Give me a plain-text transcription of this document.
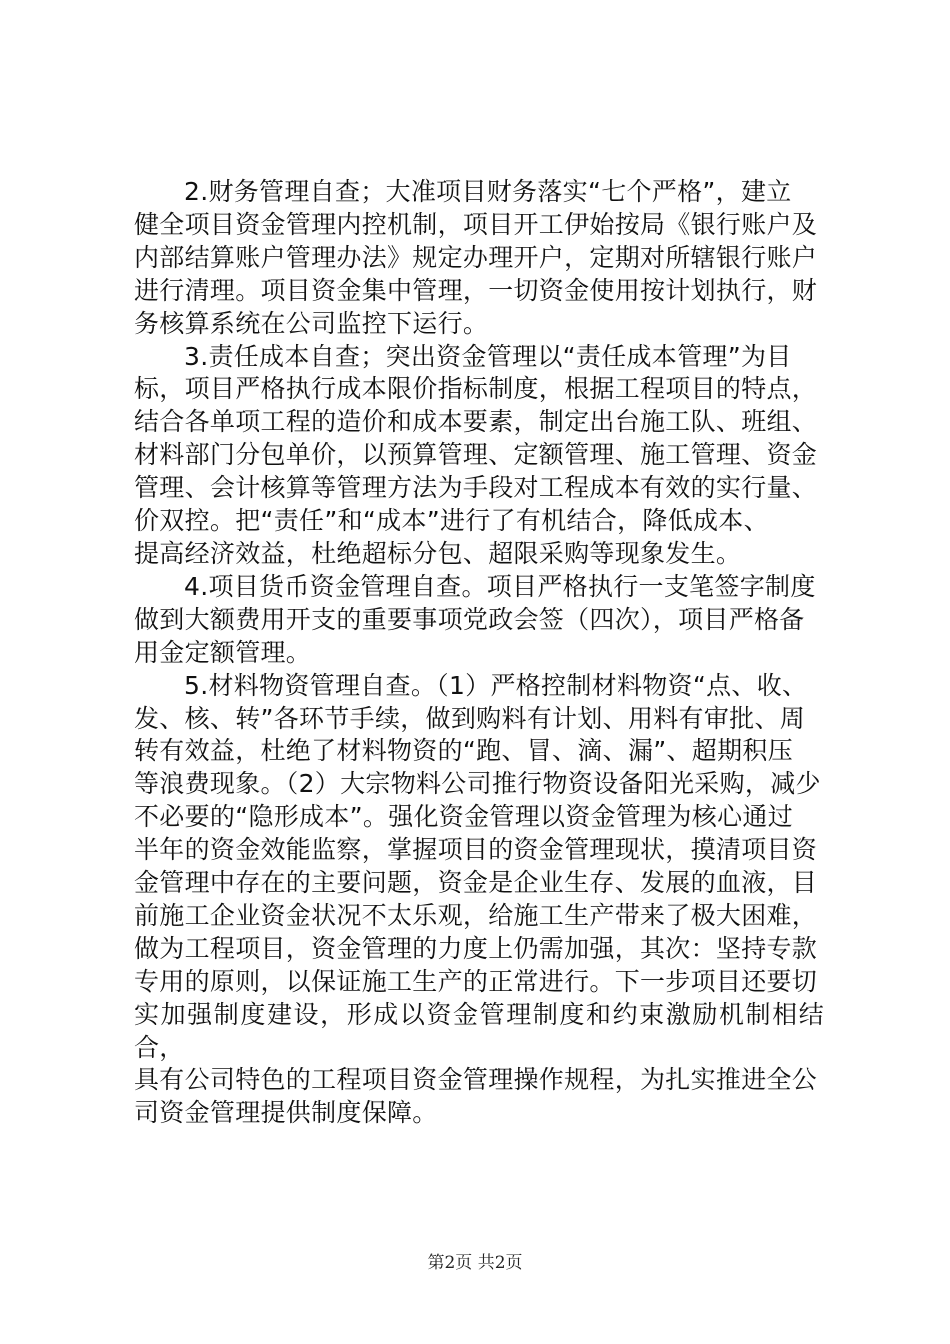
2.财务管理自查；大准项目财务落实“七个严格”，建立
健全项目资金管理内控机制，项目开工伊始按局《银行账户及
内部结算账户管理办法》规定办理开户，定期对所辖银行账户
进行清理。项目资金集中管理，一切资金使用按计划执行，财
务核算系统在公司监控下运行。

3.责任成本自查；突出资金管理以“责任成本管理”为目
标，项目严格执行成本限价指标制度，根据工程项目的特点，
结合各单项工程的造价和成本要素，制定出台施工队、班组、
材料部门分包单价，以预算管理、定额管理、施工管理、资金
管理、会计核算等管理方法为手段对工程成本有效的实行量、
价双控。把“责任”和“成本”进行了有机结合，降低成本、
提高经济效益，杜绝超标分包、超限采购等现象发生。

4.项目货币资金管理自查。项目严格执行一支笔签字制度
做到大额费用开支的重要事项党政会签（四次），项目严格备
用金定额管理。

5.材料物资管理自查。（1）严格控制材料物资“点、收、
发、核、转”各环节手续，做到购料有计划、用料有审批、周
转有效益，杜绝了材料物资的“跑、冒、滴、漏”、超期积压
等浪费现象。（2）大宗物料公司推行物资设备阳光采购，减少
不必要的“隐形成本”。强化资金管理以资金管理为核心通过
半年的资金效能监察，掌握项目的资金管理现状，摸清项目资
金管理中存在的主要问题，资金是企业生存、发展的血液，目
前施工企业资金状况不太乐观，给施工生产带来了极大困难，
做为工程项目，资金管理的力度上仍需加强，其次：坚持专款
专用的原则，以保证施工生产的正常进行。下一步项目还要切
实加强制度建设，形成以资金管理制度和约束激励机制相结合，
具有公司特色的工程项目资金管理操作规程，为扎实推进全公
司资金管理提供制度保障。

第2页 共2页
